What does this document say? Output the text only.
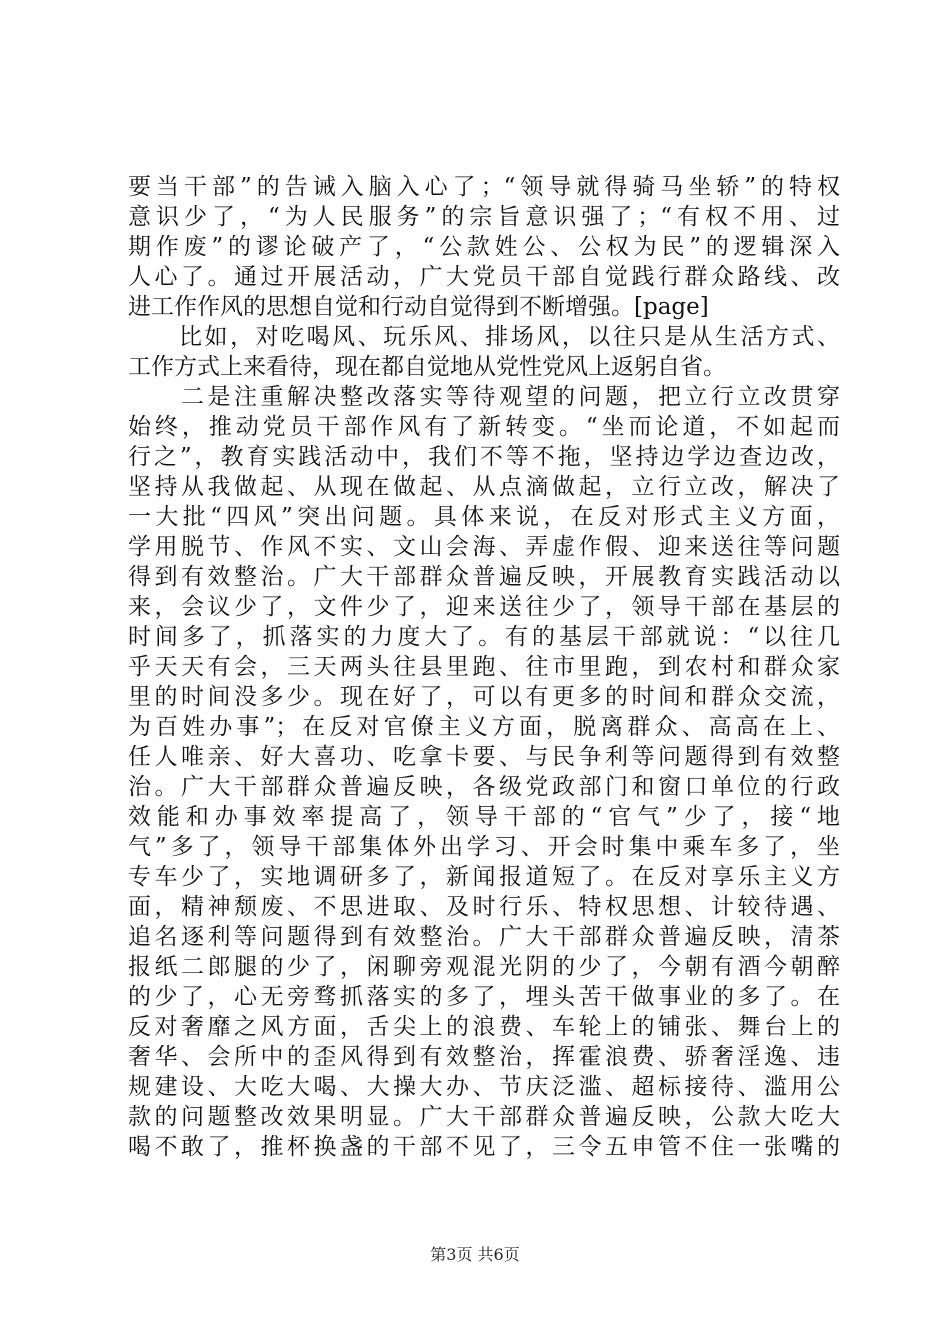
要当干部”的告诫入脑入心了；“领导就得骑马坐轿”的特权
意识少了，“为人民服务”的宗旨意识强了；“有权不用、过
期作废”的谬论破产了，“公款姓公、公权为民”的逻辑深入
人心了。通过开展活动，广大党员干部自觉践行群众路线、改
进工作作风的思想自觉和行动自觉得到不断增强。[page]
　　比如，对吃喝风、玩乐风、排场风，以往只是从生活方式、
工作方式上来看待，现在都自觉地从党性党风上返躬自省。
　　二是注重解决整改落实等待观望的问题，把立行立改贯穿
始终，推动党员干部作风有了新转变。“坐而论道，不如起而
行之”，教育实践活动中，我们不等不拖，坚持边学边查边改，
坚持从我做起、从现在做起、从点滴做起，立行立改，解决了
一大批“四风”突出问题。具体来说，在反对形式主义方面，
学用脱节、作风不实、文山会海、弄虚作假、迎来送往等问题
得到有效整治。广大干部群众普遍反映，开展教育实践活动以
来，会议少了，文件少了，迎来送往少了，领导干部在基层的
时间多了，抓落实的力度大了。有的基层干部就说：“以往几
乎天天有会，三天两头往县里跑、往市里跑，到农村和群众家
里的时间没多少。现在好了，可以有更多的时间和群众交流，
为百姓办事”；在反对官僚主义方面，脱离群众、高高在上、
任人唯亲、好大喜功、吃拿卡要、与民争利等问题得到有效整
治。广大干部群众普遍反映，各级党政部门和窗口单位的行政
效能和办事效率提高了，领导干部的“官气”少了，接“地
气”多了，领导干部集体外出学习、开会时集中乘车多了，坐
专车少了，实地调研多了，新闻报道短了。在反对享乐主义方
面，精神颓废、不思进取、及时行乐、特权思想、计较待遇、
追名逐利等问题得到有效整治。广大干部群众普遍反映，清茶
报纸二郎腿的少了，闲聊旁观混光阴的少了，今朝有酒今朝醉
的少了，心无旁骛抓落实的多了，埋头苦干做事业的多了。在
反对奢靡之风方面，舌尖上的浪费、车轮上的铺张、舞台上的
奢华、会所中的歪风得到有效整治，挥霍浪费、骄奢淫逸、违
规建设、大吃大喝、大操大办、节庆泛滥、超标接待、滥用公
款的问题整改效果明显。广大干部群众普遍反映，公款大吃大
喝不敢了，推杯换盏的干部不见了，三令五申管不住一张嘴的
第3页 共6页
